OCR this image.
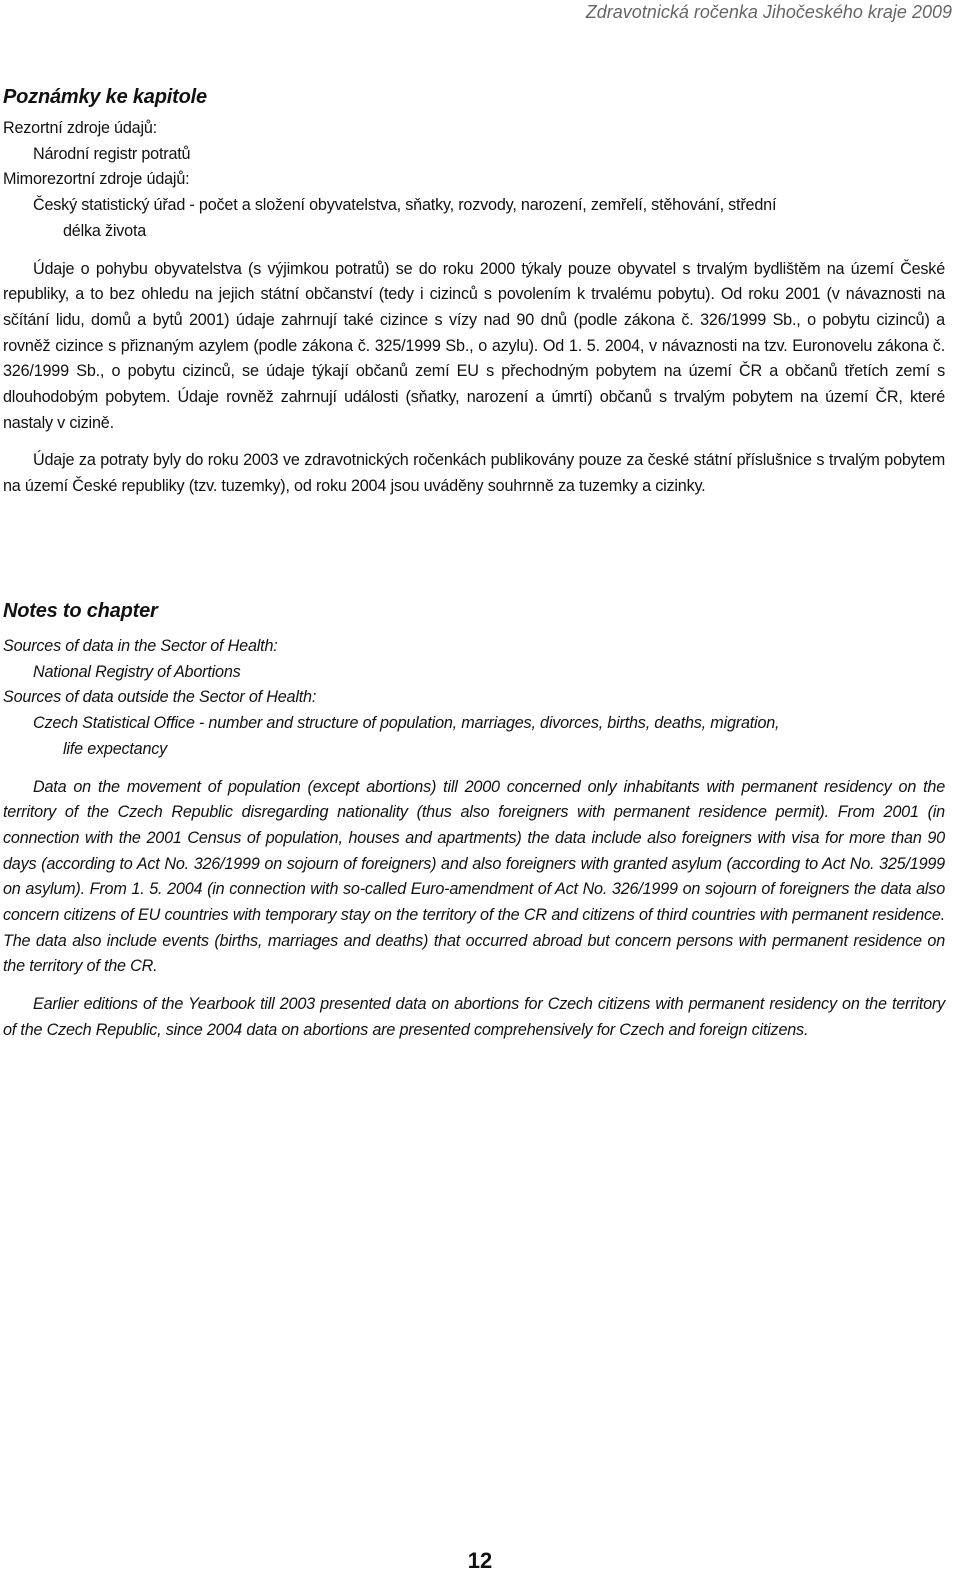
Zdravotnická ročenka Jihočeského kraje 2009
Poznámky ke kapitole

Rezortní zdroje údajů:

Národní registr potratů

Mimorezortní zdroje údajů:

Český statistický úřad - počet a složení obyvatelstva, sňatky, rozvody, narození, zemřelí, stěhování, střední

délka života

Údaje o pohybu obyvatelstva (s výjimkou potratů) se do roku 2000 týkaly pouze obyvatel s trvalým bydlištěm na území České republiky, a to bez ohledu na jejich státní občanství (tedy i cizinců s povolením k trvalému pobytu). Od roku 2001 (v návaznosti na sčítání lidu, domů a bytů 2001) údaje zahrnují také cizince s vízy nad 90 dnů (podle zákona č. 326/1999 Sb., o pobytu cizinců) a rovněž cizince s přiznaným azylem (podle zákona č. 325/1999 Sb., o azylu). Od 1. 5. 2004, v návaznosti na tzv. Euronovelu zákona č. 326/1999 Sb., o pobytu cizinců, se údaje týkají občanů zemí EU s přechodným pobytem na území ČR a občanů třetích zemí s dlouhodobým pobytem. Údaje rovněž zahrnují události (sňatky, narození a úmrtí) občanů s trvalým pobytem na území ČR, které nastaly v cizině.

Údaje za potraty byly do roku 2003 ve zdravotnických ročenkách publikovány pouze za české státní příslušnice s trvalým pobytem na území České republiky (tzv. tuzemky), od roku 2004 jsou uváděny souhrnně za tuzemky a cizinky.

Notes to chapter

Sources of data in the Sector of Health:

National Registry of Abortions

Sources of data outside the Sector of Health:

Czech Statistical Office - number and structure of population, marriages, divorces, births, deaths, migration,

life expectancy

Data on the movement of population (except abortions) till 2000 concerned only inhabitants with permanent residency on the territory of the Czech Republic disregarding nationality (thus also foreigners with permanent residence permit). From 2001 (in connection with the 2001 Census of population, houses and apartments) the data include also foreigners with visa for more than 90 days (according to Act No. 326/1999 on sojourn of foreigners) and also foreigners with granted asylum (according to Act No. 325/1999 on asylum). From 1. 5. 2004 (in connection with so-called Euro-amendment of Act No. 326/1999 on sojourn of foreigners the data also concern citizens of EU countries with temporary stay on the territory of the CR and citizens of third countries with permanent residence. The data also include events (births, marriages and deaths) that occurred abroad but concern persons with permanent residence on the territory of the CR.

Earlier editions of the Yearbook till 2003 presented data on abortions for Czech citizens with permanent residency on the territory of the Czech Republic, since 2004 data on abortions are presented comprehensively for Czech and foreign citizens.

12
